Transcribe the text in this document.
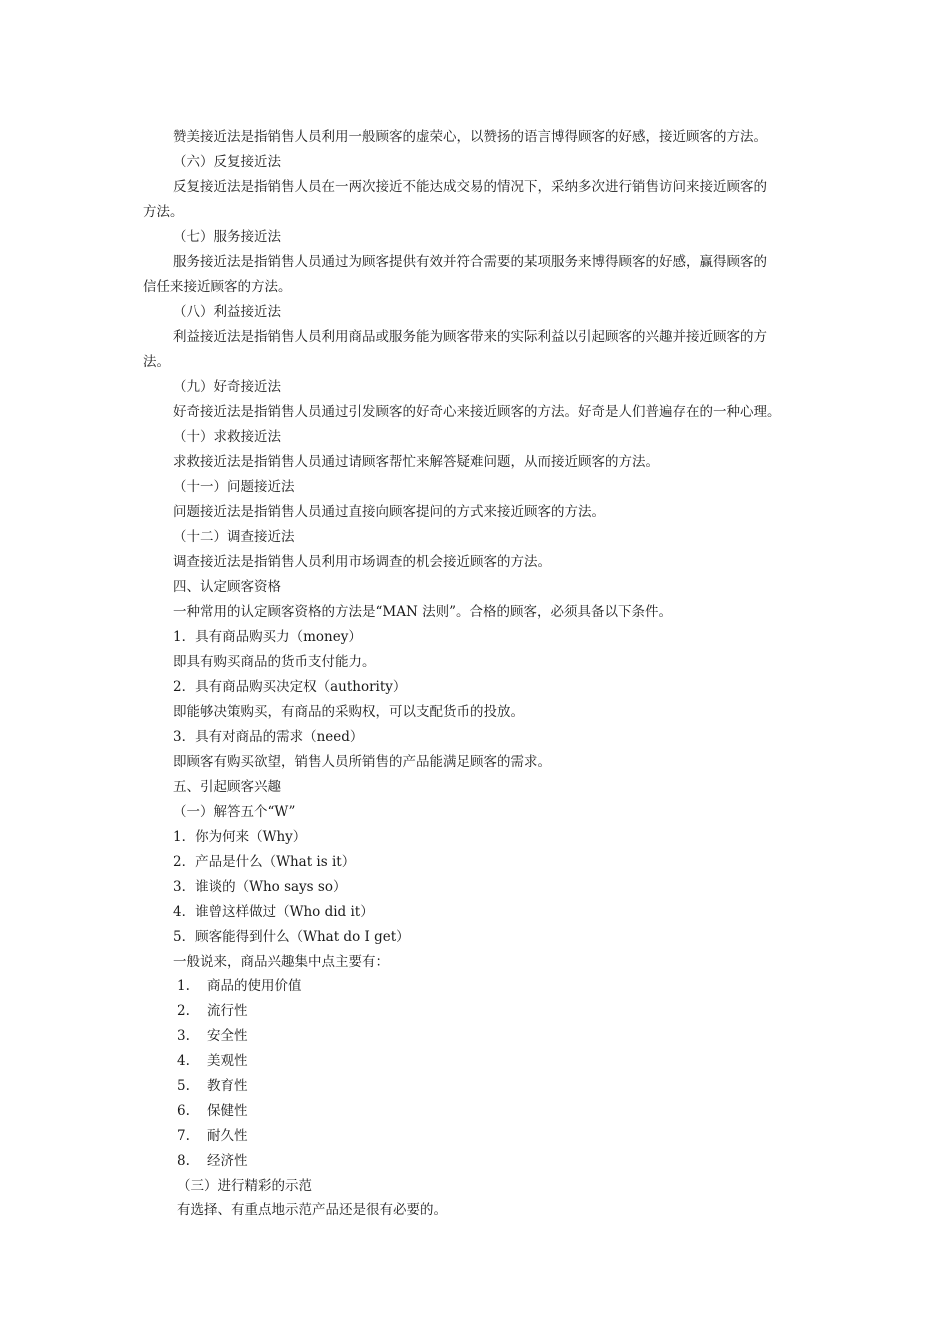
赞美接近法是指销售人员利用一般顾客的虚荣心，以赞扬的语言博得顾客的好感，接近顾客的方法。
（六）反复接近法
反复接近法是指销售人员在一两次接近不能达成交易的情况下，采纳多次进行销售访问来接近顾客的
方法。
（七）服务接近法
服务接近法是指销售人员通过为顾客提供有效并符合需要的某项服务来博得顾客的好感，赢得顾客的
信任来接近顾客的方法。
（八）利益接近法
利益接近法是指销售人员利用商品或服务能为顾客带来的实际利益以引起顾客的兴趣并接近顾客的方
法。
（九）好奇接近法
好奇接近法是指销售人员通过引发顾客的好奇心来接近顾客的方法。好奇是人们普遍存在的一种心理。
（十）求救接近法
求救接近法是指销售人员通过请顾客帮忙来解答疑难问题，从而接近顾客的方法。
（十一）问题接近法
问题接近法是指销售人员通过直接向顾客提问的方式来接近顾客的方法。
（十二）调查接近法
调查接近法是指销售人员利用市场调查的机会接近顾客的方法。
四、认定顾客资格
一种常用的认定顾客资格的方法是“MAN 法则”。合格的顾客，必须具备以下条件。
1．具有商品购买力（money）
即具有购买商品的货币支付能力。
2．具有商品购买决定权（authority）
即能够决策购买，有商品的采购权，可以支配货币的投放。
3．具有对商品的需求（need）
即顾客有购买欲望，销售人员所销售的产品能满足顾客的需求。
五、引起顾客兴趣
（一）解答五个“W”
1．你为何来（Why）
2．产品是什么（What is it）
3．谁谈的（Who says so）
4．谁曾这样做过（Who did it）
5．顾客能得到什么（What do I get）
一般说来，商品兴趣集中点主要有：
1. 商品的使用价值
2. 流行性
3. 安全性
4. 美观性
5. 教育性
6. 保健性
7. 耐久性
8. 经济性
（三）进行精彩的示范
有选择、有重点地示范产品还是很有必要的。
